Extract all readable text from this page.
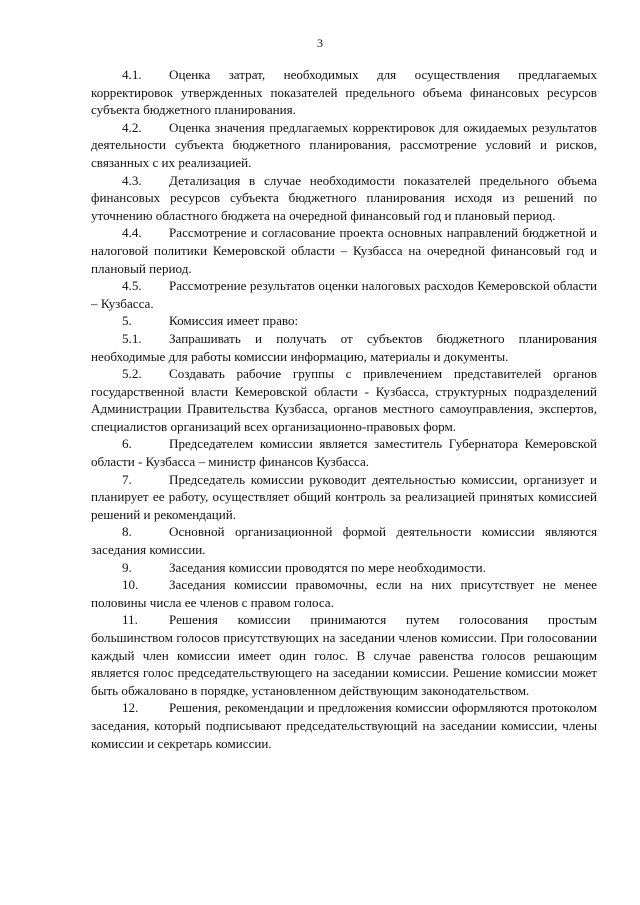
3

4.1. Оценка затрат, необходимых для осуществления предлагаемых корректировок утвержденных показателей предельного объема финансовых ресурсов субъекта бюджетного планирования.

4.2. Оценка значения предлагаемых корректировок для ожидаемых результатов деятельности субъекта бюджетного планирования, рассмотрение условий и рисков, связанных с их реализацией.

4.3. Детализация в случае необходимости показателей предельного объема финансовых ресурсов субъекта бюджетного планирования исходя из решений по уточнению областного бюджета на очередной финансовый год и плановый период.

4.4. Рассмотрение и согласование проекта основных направлений бюджетной и налоговой политики Кемеровской области – Кузбасса на очередной финансовый год и плановый период.

4.5. Рассмотрение результатов оценки налоговых расходов Кемеровской области – Кузбасса.

5.	Комиссия имеет право:

5.1. Запрашивать и получать от субъектов бюджетного планирования необходимые для работы комиссии информацию, материалы и документы.

5.2. Создавать рабочие группы с привлечением представителей органов государственной власти Кемеровской области - Кузбасса, структурных подразделений Администрации Правительства Кузбасса, органов местного самоуправления, экспертов, специалистов организаций всех организационно-правовых форм.

6.	Председателем комиссии является заместитель Губернатора Кемеровской области - Кузбасса – министр финансов Кузбасса.

7.	Председатель комиссии руководит деятельностью комиссии, организует и планирует ее работу, осуществляет общий контроль за реализацией принятых комиссией решений и рекомендаций.

8.	Основной организационной формой деятельности комиссии являются заседания комиссии.

9.	Заседания комиссии проводятся по мере необходимости.

10. Заседания комиссии правомочны, если на них присутствует не менее половины числа ее членов с правом голоса.

11. Решения комиссии принимаются путем голосования простым большинством голосов присутствующих на заседании членов комиссии. При голосовании каждый член комиссии имеет один голос. В случае равенства голосов решающим является голос председательствующего на заседании комиссии. Решение комиссии может быть обжаловано в порядке, установленном действующим законодательством.

12. Решения, рекомендации и предложения комиссии оформляются протоколом заседания, который подписывают председательствующий на заседании комиссии, члены комиссии и секретарь комиссии.
